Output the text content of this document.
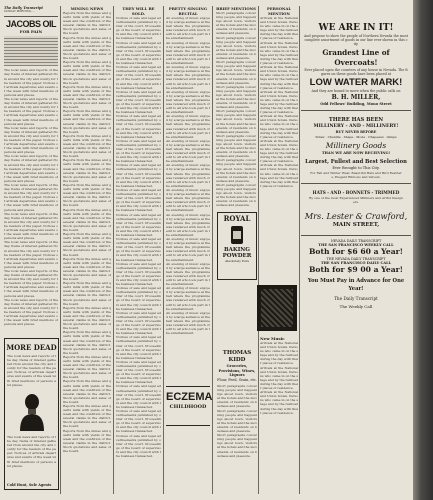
The Daily Transcript
SUNDAY MORNING, ...
JACOBS OIL
FOR PAIN
The local news and reports of the day. Items of interest gathered from around the city and county for the readers of the paper. Notices of arrivals departures and events of the week with brief mentions of persons and places.
The local news and reports of the day. Items of interest gathered from around the city and county for the readers of the paper. Notices of arrivals departures and events of the week with brief mentions of persons and places.
The local news and reports of the day. Items of interest gathered from around the city and county for the readers of the paper. Notices of arrivals departures and events of the week with brief mentions of persons and places.
The local news and reports of the day. Items of interest gathered from around the city and county for the readers of the paper. Notices of arrivals departures and events of the week with brief mentions of persons and places.
The local news and reports of the day. Items of interest gathered from around the city and county for the readers of the paper. Notices of arrivals departures and events of the week with brief mentions of persons and places.
The local news and reports of the day. Items of interest gathered from around the city and county for the readers of the paper. Notices of arrivals departures and events of the week with brief mentions of persons and places.
The local news and reports of the day. Items of interest gathered from around the city and county for the readers of the paper. Notices of arrivals departures and events of the week with brief mentions of persons and places.
The local news and reports of the day. Items of interest gathered from around the city and county for the readers of the paper. Notices of arrivals departures and events of the week with brief mentions of persons and places.
The local news and reports of the day. Items of interest gathered from around the city and county for the readers of the paper. Notices of arrivals departures and events of the week with brief mentions of persons and places.
MORE DEAD
The local news and reports of the day. Items of interest gathered from around the city and county for the readers of the paper. Notices of arrivals departures and events of the week with brief mentions of persons and places.
The local news and reports of the day. Items of interest gathered from around the city and county for the readers of the paper. Notices of arrivals departures and events of the week with brief mentions of persons and places.
Cold Hunt, Sole Agents
MINING NEWS
Reports from the mines and quartz mills with yields of the week and the condition of the several claims in the district. Stock quotations and sales of the board.
Reports from the mines and quartz mills with yields of the week and the condition of the several claims in the district. Stock quotations and sales of the board.
Reports from the mines and quartz mills with yields of the week and the condition of the several claims in the district. Stock quotations and sales of the board.
Reports from the mines and quartz mills with yields of the week and the condition of the several claims in the district. Stock quotations and sales of the board.
Reports from the mines and quartz mills with yields of the week and the condition of the several claims in the district. Stock quotations and sales of the board.
Reports from the mines and quartz mills with yields of the week and the condition of the several claims in the district. Stock quotations and sales of the board.
Reports from the mines and quartz mills with yields of the week and the condition of the several claims in the district. Stock quotations and sales of the board.
Reports from the mines and quartz mills with yields of the week and the condition of the several claims in the district. Stock quotations and sales of the board.
Reports from the mines and quartz mills with yields of the week and the condition of the several claims in the district. Stock quotations and sales of the board.
Reports from the mines and quartz mills with yields of the week and the condition of the several claims in the district. Stock quotations and sales of the board.
Reports from the mines and quartz mills with yields of the week and the condition of the several claims in the district. Stock quotations and sales of the board.
Reports from the mines and quartz mills with yields of the week and the condition of the several claims in the district. Stock quotations and sales of the board.
Reports from the mines and quartz mills with yields of the week and the condition of the several claims in the district. Stock quotations and sales of the board.
Reports from the mines and quartz mills with yields of the week and the condition of the several claims in the district. Stock quotations and sales of the board.
Reports from the mines and quartz mills with yields of the week and the condition of the several claims in the district. Stock quotations and sales of the board.
Reports from the mines and quartz mills with yields of the week and the condition of the several claims in the district. Stock quotations and sales of the board.
Reports from the mines and quartz mills with yields of the week and the condition of the several claims in the district. Stock quotations and sales of the board.
Reports from the mines and quartz mills with yields of the week and the condition of the several claims in the district. Stock quotations and sales of the board.
THEY WILL BE SOLD.
Notices of sale and legal advertisements published by order of the court. Proceedings of the board of supervisors and the city council with the business transacted.
Notices of sale and legal advertisements published by order of the court. Proceedings of the board of supervisors and the city council with the business transacted.
Notices of sale and legal advertisements published by order of the court. Proceedings of the board of supervisors and the city council with the business transacted.
Notices of sale and legal advertisements published by order of the court. Proceedings of the board of supervisors and the city council with the business transacted.
Notices of sale and legal advertisements published by order of the court. Proceedings of the board of supervisors and the city council with the business transacted.
Notices of sale and legal advertisements published by order of the court. Proceedings of the board of supervisors and the city council with the business transacted.
Notices of sale and legal advertisements published by order of the court. Proceedings of the board of supervisors and the city council with the business transacted.
Notices of sale and legal advertisements published by order of the court. Proceedings of the board of supervisors and the city council with the business transacted.
Notices of sale and legal advertisements published by order of the court. Proceedings of the board of supervisors and the city council with the business transacted.
Notices of sale and legal advertisements published by order of the court. Proceedings of the board of supervisors and the city council with the business transacted.
Notices of sale and legal advertisements published by order of the court. Proceedings of the board of supervisors and the city council with the business transacted.
Notices of sale and legal advertisements published by order of the court. Proceedings of the board of supervisors and the city council with the business transacted.
Notices of sale and legal advertisements published by order of the court. Proceedings of the board of supervisors and the city council with the business transacted.
Notices of sale and legal advertisements published by order of the court. Proceedings of the board of supervisors and the city council with the business transacted.
Notices of sale and legal advertisements published by order of the court. Proceedings of the board of supervisors and the city council with the business transacted.
Notices of sale and legal advertisements published by order of the court. Proceedings of the board of supervisors and the city council with the business transacted.
Notices of sale and legal advertisements published by order of the court. Proceedings of the board of supervisors and the city council with the business transacted.
Notices of sale and legal advertisements published by order of the court. Proceedings of the board of supervisors and the city council with the business transacted.
PRETTY SINGING RECITAL
An evening of music enjoyed by a large audience at the hall where the programme was rendered with much credit to all who took part in the entertainment.
An evening of music enjoyed by a large audience at the hall where the programme was rendered with much credit to all who took part in the entertainment.
An evening of music enjoyed by a large audience at the hall where the programme was rendered with much credit to all who took part in the entertainment.
An evening of music enjoyed by a large audience at the hall where the programme was rendered with much credit to all who took part in the entertainment.
An evening of music enjoyed by a large audience at the hall where the programme was rendered with much credit to all who took part in the entertainment.
An evening of music enjoyed by a large audience at the hall where the programme was rendered with much credit to all who took part in the entertainment.
An evening of music enjoyed by a large audience at the hall where the programme was rendered with much credit to all who took part in the entertainment.
An evening of music enjoyed by a large audience at the hall where the programme was rendered with much credit to all who took part in the entertainment.
An evening of music enjoyed by a large audience at the hall where the programme was rendered with much credit to all who took part in the entertainment.
An evening of music enjoyed by a large audience at the hall where the programme was rendered with much credit to all who took part in the entertainment.
An evening of music enjoyed by a large audience at the hall where the programme was rendered with much credit to all who took part in the entertainment.
An evening of music enjoyed by a large audience at the hall where the programme was rendered with much credit to all who took part in the entertainment.
An evening of music enjoyed by a large audience at the hall where the programme was rendered with much credit to all who took part in the entertainment.
ECZEMA
CHILDHOOD
BRIEF MENTIONS
Short paragraphs concerning people and happenings about town, visitors at the hotels and the movements of residents on business and pleasure.
Short paragraphs concerning people and happenings about town, visitors at the hotels and the movements of residents on business and pleasure.
Short paragraphs concerning people and happenings about town, visitors at the hotels and the movements of residents on business and pleasure.
Short paragraphs concerning people and happenings about town, visitors at the hotels and the movements of residents on business and pleasure.
Short paragraphs concerning people and happenings about town, visitors at the hotels and the movements of residents on business and pleasure.
Short paragraphs concerning people and happenings about town, visitors at the hotels and the movements of residents on business and pleasure.
Short paragraphs concerning people and happenings about town, visitors at the hotels and the movements of residents on business and pleasure.
Short paragraphs concerning people and happenings about town, visitors at the hotels and the movements of residents on business and pleasure.
ROYAL
BAKING
POWDER
Absolutely Pure
THOMAS KIDD
Groceries, Provisions, Wines, Liquors
Flour, Feed, Grain, etc.
Short paragraphs concerning people and happenings about town, visitors at the hotels and the movements of residents on business and pleasure.
Short paragraphs concerning people and happenings about town, visitors at the hotels and the movements of residents on business and pleasure.
Short paragraphs concerning people and happenings about town, visitors at the hotels and the movements of residents on business and pleasure.
PERSONAL MENTION
Arrivals at the National and Union hotels. Persons who came in on the stage and by the railroad during the day with their places of residence.
Arrivals at the National and Union hotels. Persons who came in on the stage and by the railroad during the day with their places of residence.
Arrivals at the National and Union hotels. Persons who came in on the stage and by the railroad during the day with their places of residence.
Arrivals at the National and Union hotels. Persons who came in on the stage and by the railroad during the day with their places of residence.
Arrivals at the National and Union hotels. Persons who came in on the stage and by the railroad during the day with their places of residence.
Arrivals at the National and Union hotels. Persons who came in on the stage and by the railroad during the day with their places of residence.
Arrivals at the National and Union hotels. Persons who came in on the stage and by the railroad during the day with their places of residence.
New Music
Arrivals at the National and Union hotels. Persons who came in on the stage and by the railroad during the day with their places of residence.
Arrivals at the National and Union hotels. Persons who came in on the stage and by the railroad during the day with their places of residence.
Arrivals at the National and Union hotels. Persons who came in on the stage and by the railroad during the day with their places of residence.
WE ARE IN IT!
And propose to show the people of Northern Nevada the most complete assortment of goods in our line ever shown in this city.
Grandest Line of Overcoats!
Ever placed upon the counters of any house in Nevada. The figures on these goods have been placed at
LOW WATER MARK!
And they are bound to move when the public calls on
B. H. MILLER,
Odd Fellows' Building, Mono Street
THERE HAS BEEN
MILLINERY - AND - MILLINERY!
BUT NEVER BEFORE
Straw · Chenille · Shape · Mode · Chapeaux · Gimps
Millinery Goods
THAN WE ARE NOW RECEIVING!
Largest, Fullest and Best Selection
Ever Brought to This City.
For Fall and Winter Wear, Beautiful Hats and Bird Feathers, Elegant Ribbons and Velvets.
HATS - AND - BONNETS - TRIMMED
By one of the most Experienced Milliners and Artful Designers.
Mrs. Lester & Crawford,
MAIN STREET,
NEVADA DAILY TRANSCRIPT
THE SAN FRANCISCO WEEKLY CALL
Both for $6 60 a Year!
THE NEVADA DAILY TRANSCRIPT
THE SAN FRANCISCO DAILY CALL
Both for $9 00 a Year!
You Must Pay in Advance for One Year!
The Daily Transcript
The Weekly Call
